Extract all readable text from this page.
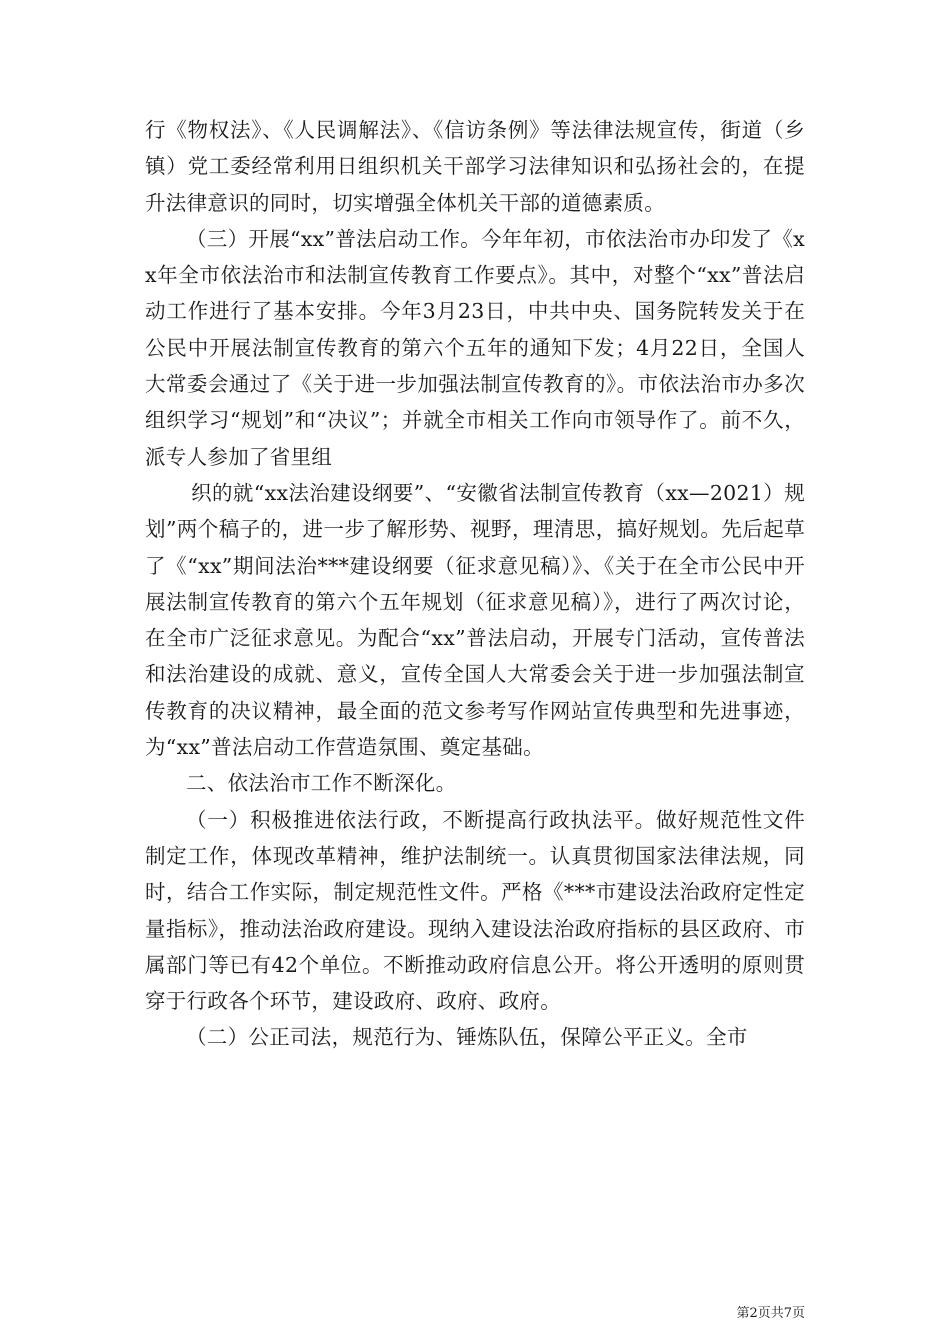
行《物权法》、《人民调解法》、《信访条例》等法律法规宣传，街道（乡镇）党工委经常利用日组织机关干部学习法律知识和弘扬社会的，在提升法律意识的同时，切实增强全体机关干部的道德素质。

（三）开展“xx”普法启动工作。今年年初，市依法治市办印发了《xx年全市依法治市和法制宣传教育工作要点》。其中，对整个“xx”普法启动工作进行了基本安排。今年3月23日，中共中央、国务院转发关于在公民中开展法制宣传教育的第六个五年的通知下发；4月22日，全国人大常委会通过了《关于进一步加强法制宣传教育的》。市依法治市办多次组织学习“规划”和“决议”；并就全市相关工作向市领导作了。前不久，派专人参加了省里组

织的就“xx法治建设纲要”、“安徽省法制宣传教育（xx—2021）规划”两个稿子的，进一步了解形势、视野，理清思，搞好规划。先后起草了《“xx”期间法治***建设纲要（征求意见稿）》、《关于在全市公民中开展法制宣传教育的第六个五年规划（征求意见稿）》，进行了两次讨论，在全市广泛征求意见。为配合“xx”普法启动，开展专门活动，宣传普法和法治建设的成就、意义，宣传全国人大常委会关于进一步加强法制宣传教育的决议精神，最全面的范文参考写作网站宣传典型和先进事迹，为“xx”普法启动工作营造氛围、奠定基础。

二、依法治市工作不断深化。

（一）积极推进依法行政，不断提高行政执法平。做好规范性文件制定工作，体现改革精神，维护法制统一。认真贯彻国家法律法规，同时，结合工作实际，制定规范性文件。严格《***市建设法治政府定性定量指标》，推动法治政府建设。现纳入建设法治政府指标的县区政府、市属部门等已有42个单位。不断推动政府信息公开。将公开透明的原则贯穿于行政各个环节，建设政府、政府、政府。

（二）公正司法，规范行为、锤炼队伍，保障公平正义。全市

第2页共7页
